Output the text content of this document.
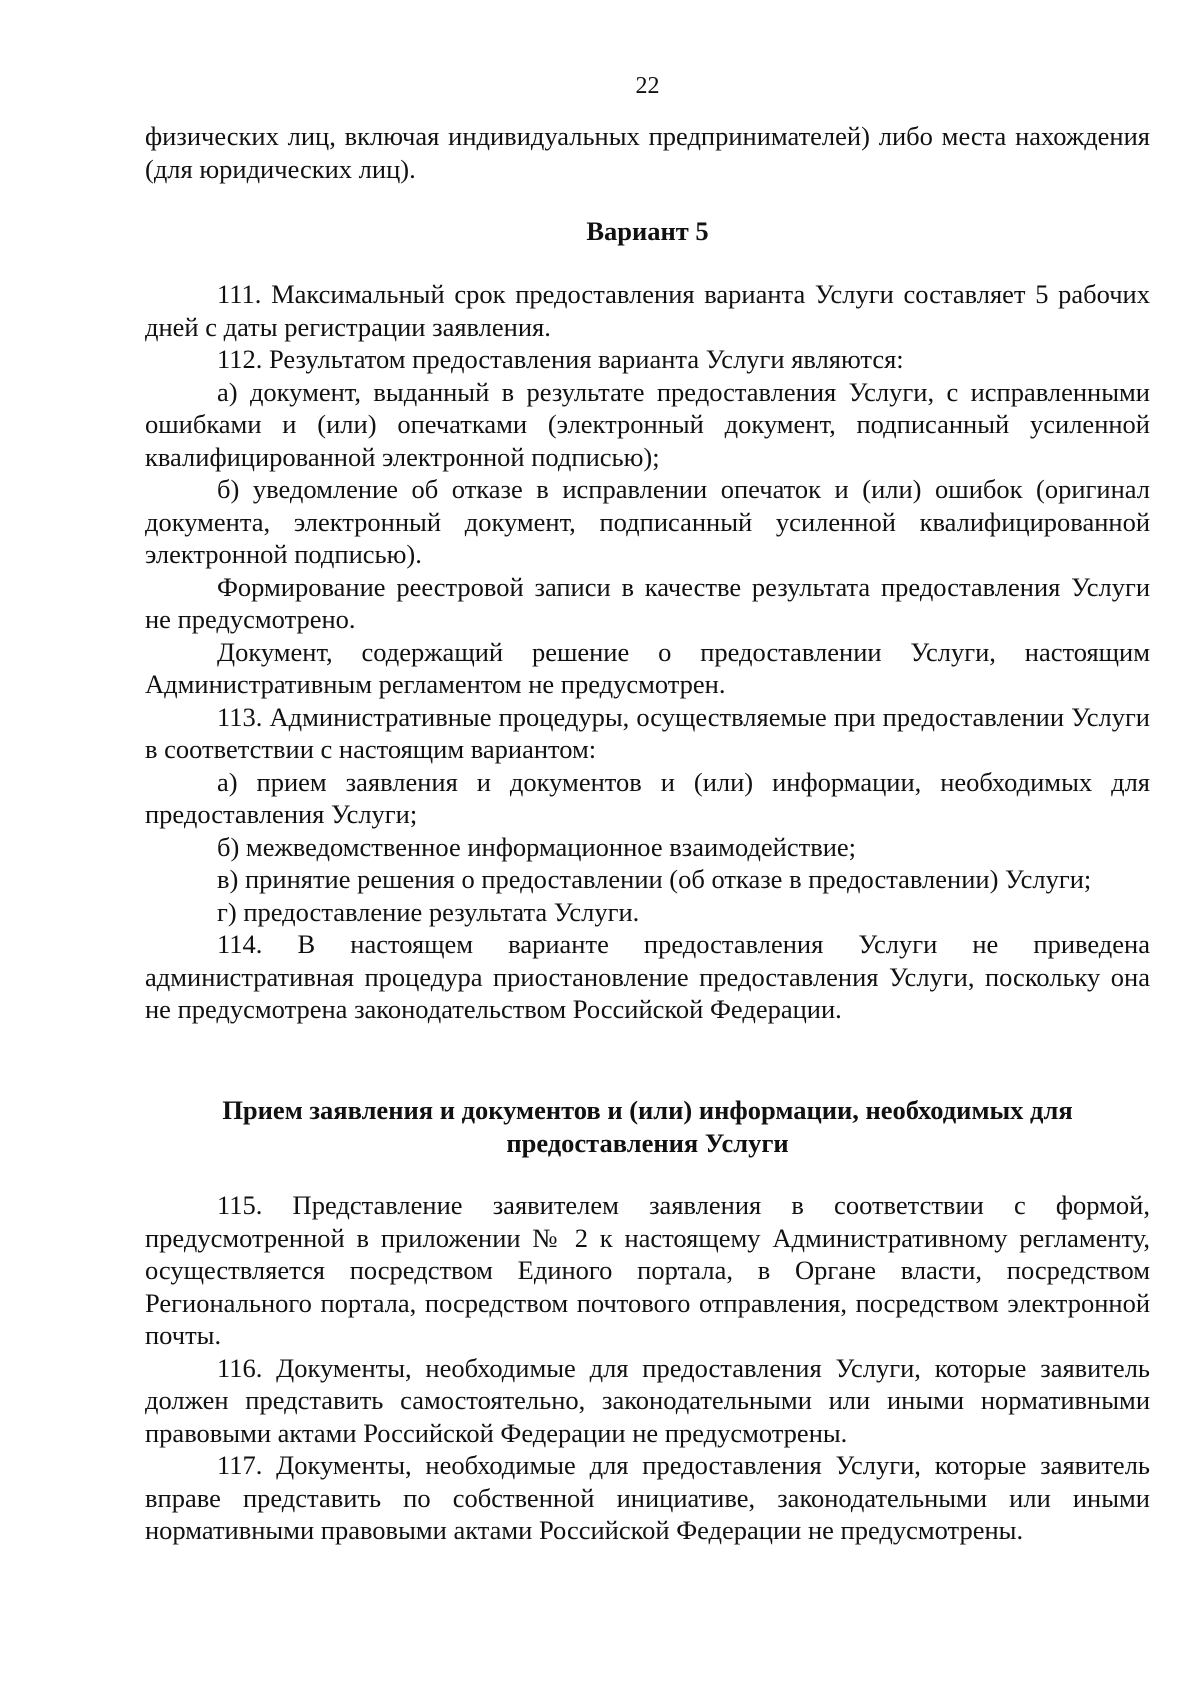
22

физических лиц, включая индивидуальных предпринимателей) либо места нахождения (для юридических лиц).

Вариант 5

111. Максимальный срок предоставления варианта Услуги составляет 5 рабочих дней с даты регистрации заявления.

112. Результатом предоставления варианта Услуги являются:

а) документ, выданный в результате предоставления Услуги, с исправленными ошибками и (или) опечатками (электронный документ, подписанный усиленной квалифицированной электронной подписью);

б) уведомление об отказе в исправлении опечаток и (или) ошибок (оригинал документа, электронный документ, подписанный усиленной квалифицированной электронной подписью).

Формирование реестровой записи в качестве результата предоставления Услуги не предусмотрено.

Документ, содержащий решение о предоставлении Услуги, настоящим Административным регламентом не предусмотрен.

113. Административные процедуры, осуществляемые при предоставлении Услуги в соответствии с настоящим вариантом:

а) прием заявления и документов и (или) информации, необходимых для предоставления Услуги;

б) межведомственное информационное взаимодействие;

в) принятие решения о предоставлении (об отказе в предоставлении) Услуги;

г) предоставление результата Услуги.

114. В настоящем варианте предоставления Услуги не приведена административная процедура приостановление предоставления Услуги, поскольку она не предусмотрена законодательством Российской Федерации.

Прием заявления и документов и (или) информации, необходимых для
предоставления Услуги

115. Представление заявителем заявления в соответствии с формой, предусмотренной в приложении № 2 к настоящему Административному регламенту, осуществляется посредством Единого портала, в Органе власти, посредством Регионального портала, посредством почтового отправления, посредством электронной почты.

116. Документы, необходимые для предоставления Услуги, которые заявитель должен представить самостоятельно, законодательными или иными нормативными правовыми актами Российской Федерации не предусмотрены.

117. Документы, необходимые для предоставления Услуги, которые заявитель вправе представить по собственной инициативе, законодательными или иными нормативными правовыми актами Российской Федерации не предусмотрены.
